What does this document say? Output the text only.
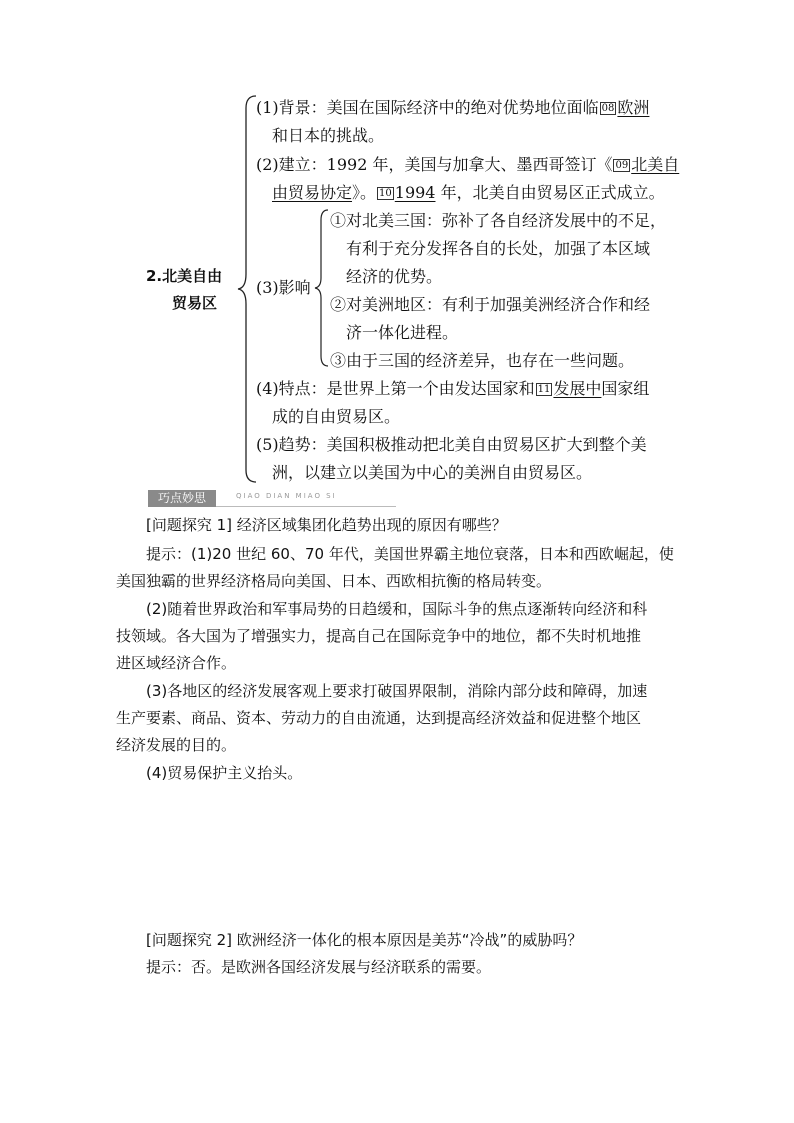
2.北美自由
贸易区
(1)背景：美国在国际经济中的绝对优势地位面临 08 欧洲
和日本的挑战。
(2)建立：1992 年，美国与加拿大、墨西哥签订《 09 北美自
由贸易协定》。 10 1994 年，北美自由贸易区正式成立。
(3)影响
①对北美三国：弥补了各自经济发展中的不足，
有利于充分发挥各自的长处，加强了本区域
经济的优势。
②对美洲地区：有利于加强美洲经济合作和经
济一体化进程。
③由于三国的经济差异，也存在一些问题。
(4)特点：是世界上第一个由发达国家和 11 发展中国家组
成的自由贸易区。
(5)趋势：美国积极推动把北美自由贸易区扩大到整个美
洲，以建立以美国为中心的美洲自由贸易区。
巧点妙思	QIAO DIAN MIAO SI
[问题探究 1] 经济区域集团化趋势出现的原因有哪些？
提示：(1)20 世纪 60、70 年代，美国世界霸主地位衰落，日本和西欧崛起，使
美国独霸的世界经济格局向美国、日本、西欧相抗衡的格局转变。
(2)随着世界政治和军事局势的日趋缓和，国际斗争的焦点逐渐转向经济和科
技领域。各大国为了增强实力，提高自己在国际竞争中的地位，都不失时机地推
进区域经济合作。
(3)各地区的经济发展客观上要求打破国界限制，消除内部分歧和障碍，加速
生产要素、商品、资本、劳动力的自由流通，达到提高经济效益和促进整个地区
经济发展的目的。
(4)贸易保护主义抬头。
[问题探究 2] 欧洲经济一体化的根本原因是美苏“冷战”的威胁吗？
提示：否。是欧洲各国经济发展与经济联系的需要。
